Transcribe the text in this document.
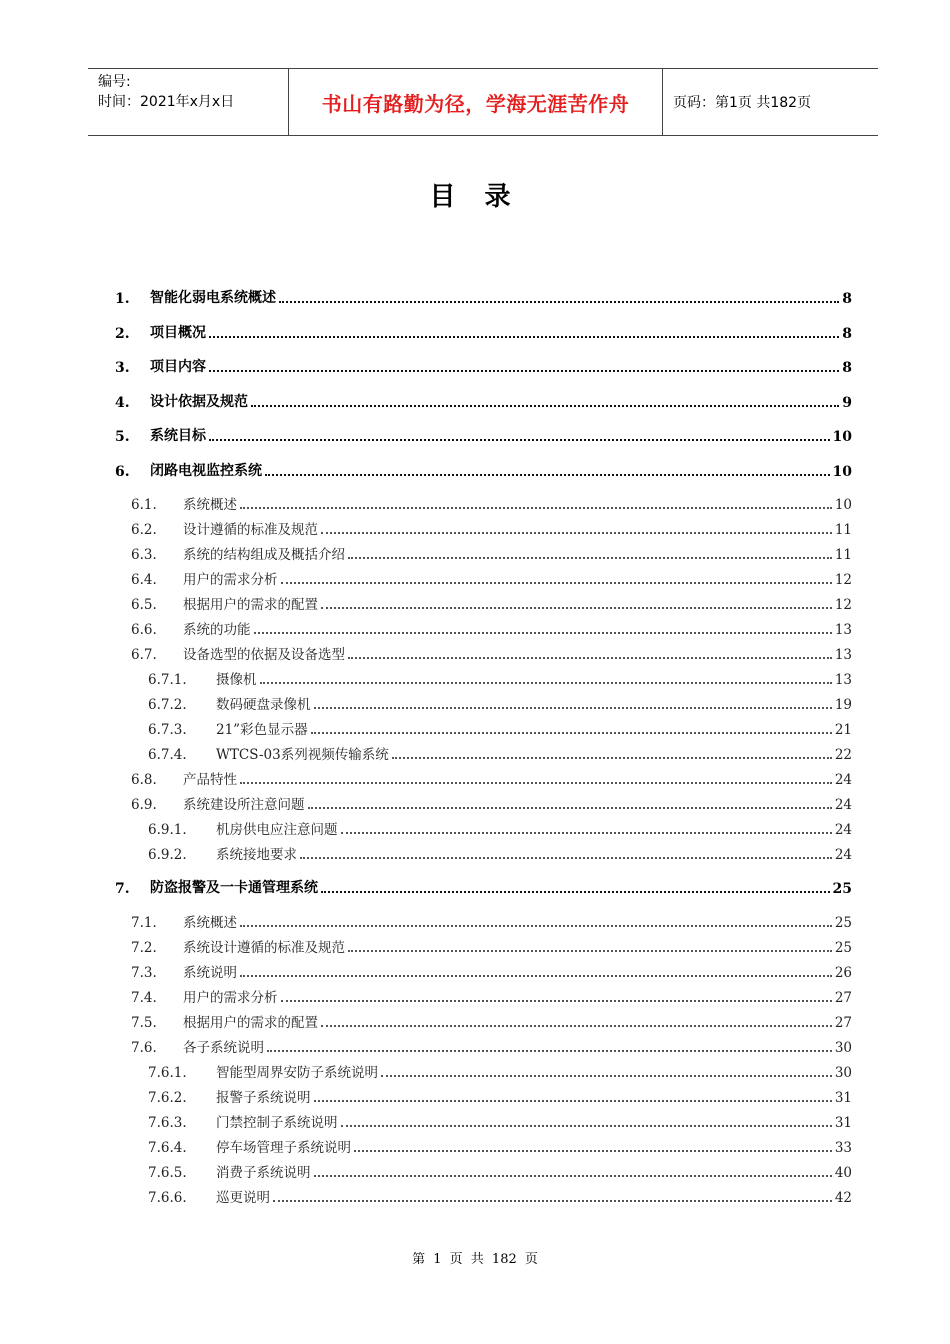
编号:
时间：2021年x月x日	书山有路勤为径，学海无涯苦作舟	页码：第1页 共182页
目 录
1.	智能化弱电系统概述	8
2.	项目概况	8
3.	项目内容	8
4.	设计依据及规范	9
5.	系统目标	10
6.	闭路电视监控系统	10
6.1.	系统概述	10
6.2.	设计遵循的标准及规范	11
6.3.	系统的结构组成及概括介绍	11
6.4.	用户的需求分析	12
6.5.	根据用户的需求的配置	12
6.6.	系统的功能	13
6.7.	设备选型的依据及设备选型	13
6.7.1.	摄像机	13
6.7.2.	数码硬盘录像机	19
6.7.3.	21”彩色显示器	21
6.7.4.	WTCS-03系列视频传输系统	22
6.8.	产品特性	24
6.9.	系统建设所注意问题	24
6.9.1.	机房供电应注意问题	24
6.9.2.	系统接地要求	24
7.	防盗报警及一卡通管理系统	25
7.1.	系统概述	25
7.2.	系统设计遵循的标准及规范	25
7.3.	系统说明	26
7.4.	用户的需求分析	27
7.5.	根据用户的需求的配置	27
7.6.	各子系统说明	30
7.6.1.	智能型周界安防子系统说明	30
7.6.2.	报警子系统说明	31
7.6.3.	门禁控制子系统说明	31
7.6.4.	停车场管理子系统说明	33
7.6.5.	消费子系统说明	40
7.6.6.	巡更说明	42
第 1 页 共 182 页
